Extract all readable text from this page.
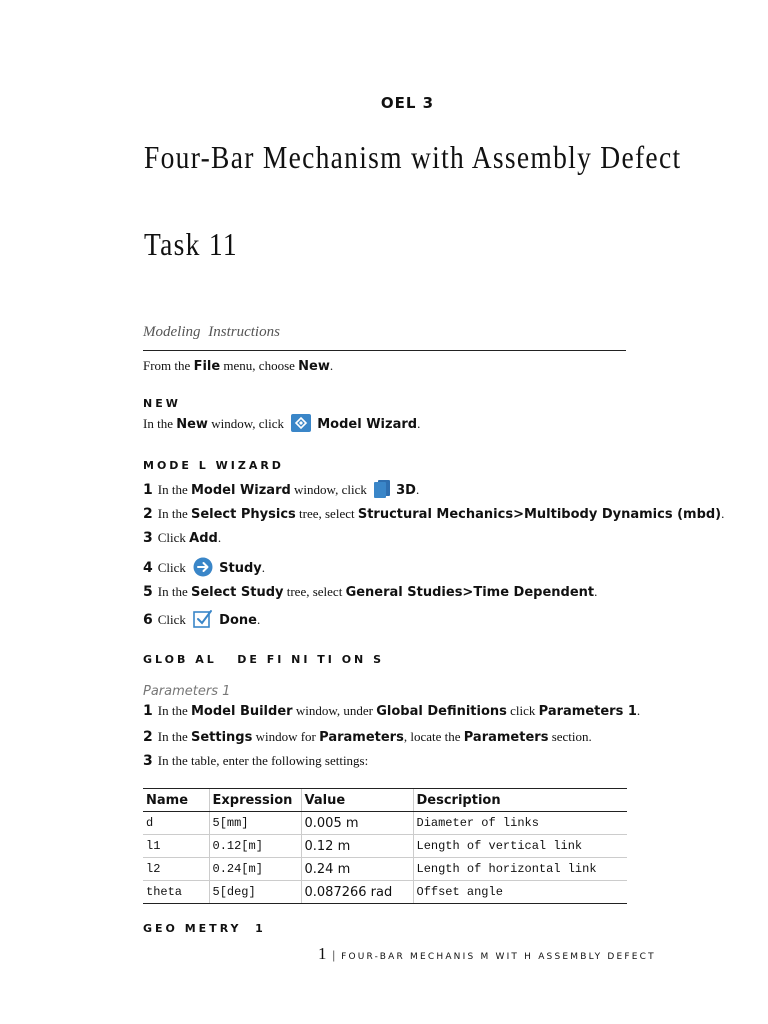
OEL 3
Four-Bar Mechanism with Assembly Defect
Task 11
Modeling Instructions
From the File menu, choose New.
NEW
In the New window, click Model Wizard.
MODE L WIZARD
1 In the Model Wizard window, click 3D.
2 In the Select Physics tree, select Structural Mechanics>Multibody Dynamics (mbd).
3 Click Add.
4 Click Study.
5 In the Select Study tree, select General Studies>Time Dependent.
6 Click Done.
GLOB AL   DE FI NI TI ON S
Parameters 1
1 In the Model Builder window, under Global Definitions click Parameters 1.
2 In the Settings window for Parameters, locate the Parameters section.
3 In the table, enter the following settings:
Name	Expression	Value	Description
d	5[mm]	0.005 m	Diameter of links
l1	0.12[m]	0.12 m	Length of vertical link
l2	0.24[m]	0.24 m	Length of horizontal link
theta	5[deg]	0.087266 rad	Offset angle
GEO METRY  1
1 | FOUR-BAR MECHANIS M WIT H ASSEMBLY DEFECT
